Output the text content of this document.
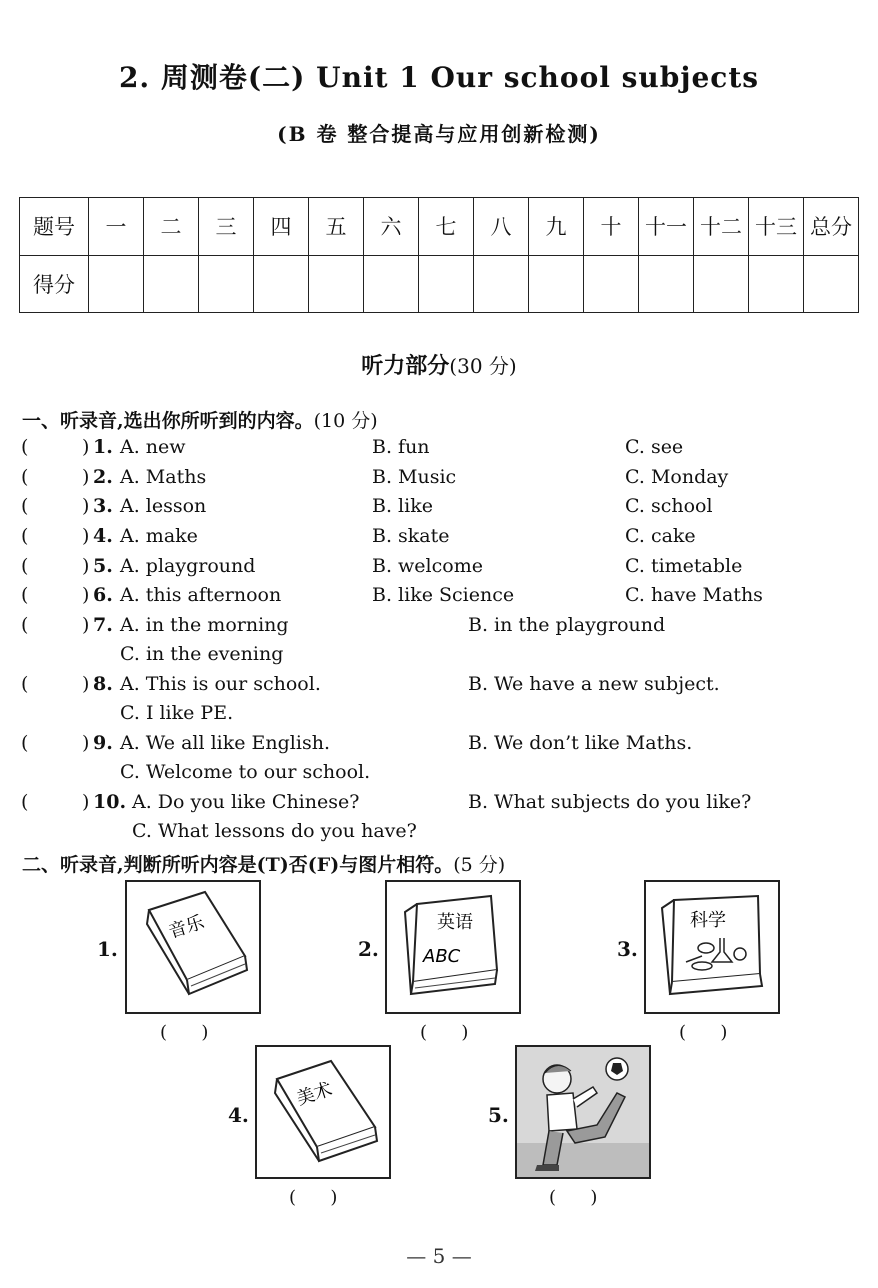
2. 周测卷(二) Unit 1 Our school subjects
(B 卷 整合提高与应用创新检测)
题号	一	二	三	四	五	六	七	八	九	十	十一	十二	十三	总分
得分														
听力部分(30 分)
一、听录音,选出你所听到的内容。(10 分)
(	) 1. A. new	B. fun	C. see
(	) 2. A. Maths	B. Music	C. Monday
(	) 3. A. lesson	B. like	C. school
(	) 4. A. make	B. skate	C. cake
(	) 5. A. playground	B. welcome	C. timetable
(	) 6. A. this afternoon	B. like Science	C. have Maths
(	) 7. A. in the morning	B. in the playground
C. in the evening
(	) 8. A. This is our school.	B. We have a new subject.
C. I like PE.
(	) 9. A. We all like English.	B. We don’t like Maths.
C. Welcome to our school.
(	) 10. A. Do you like Chinese?	B. What subjects do you like?
C. What lessons do you have?
二、听录音,判断所听内容是(T)否(F)与图片相符。(5 分)
1.
音乐
(      )
2.
英语
ABC
(      )
3.
科学
(      )
4.
美术
(      )
5.
(      )
— 5 —
